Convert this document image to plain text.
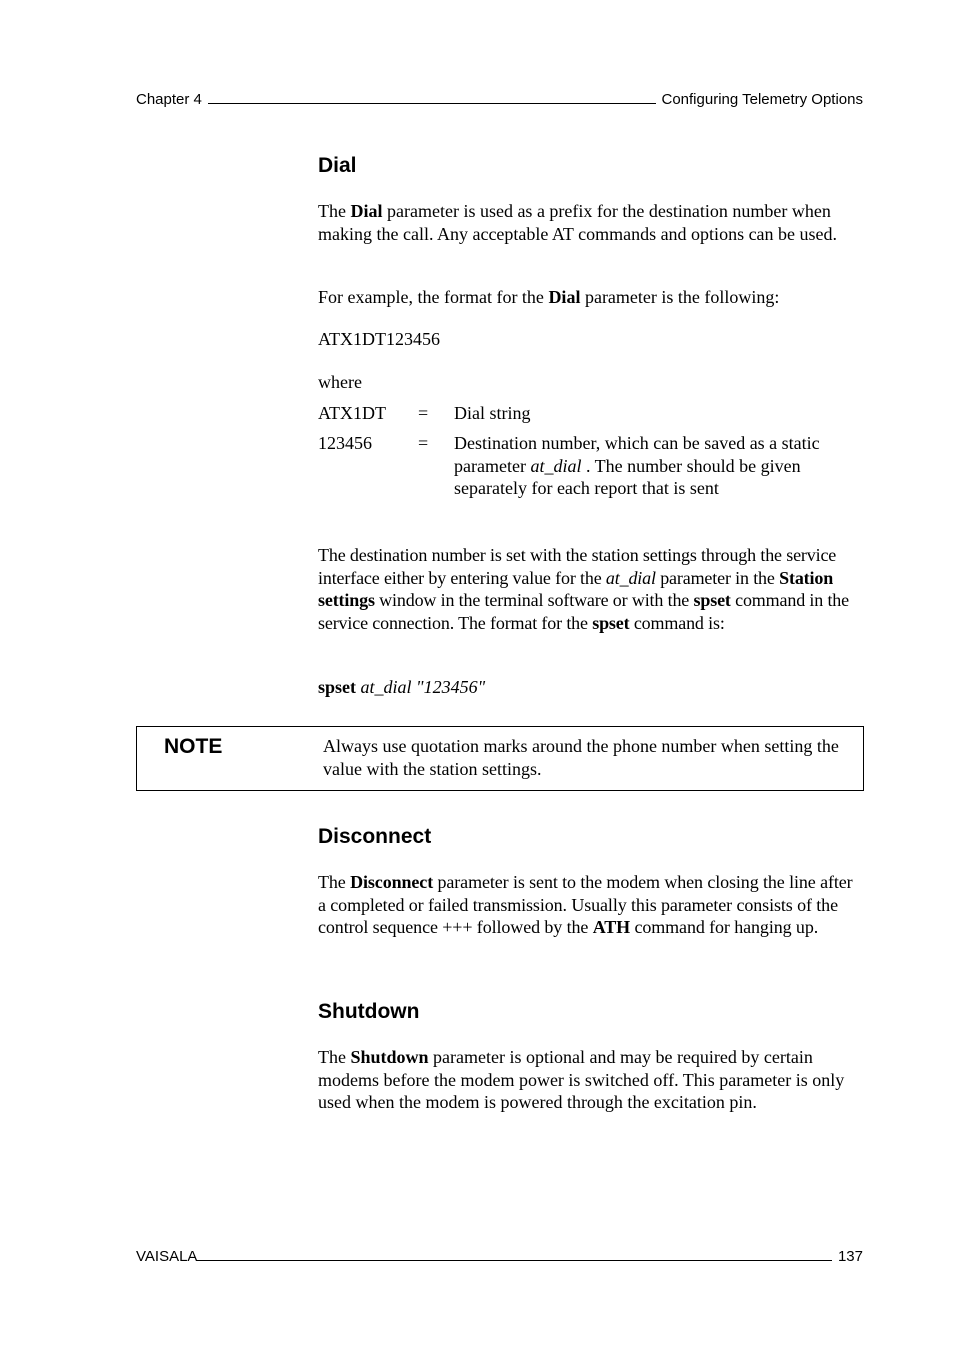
Chapter 4	Configuring Telemetry Options
Dial

The Dial parameter is used as a prefix for the destination number when making the call. Any acceptable AT commands and options can be used.

For example, the format for the Dial parameter is the following:

ATX1DT123456

where

ATX1DT	=	Dial string
123456	=	Destination number, which can be saved as a static parameter at_dial . The number should be given separately for each report that is sent

The destination number is set with the station settings through the service interface either by entering value for the at_dial parameter in the Station settings window in the terminal software or with the spset command in the service connection. The format for the spset command is:

spset at_dial "123456"

NOTE	Always use quotation marks around the phone number when setting the value with the station settings.
Disconnect

The Disconnect parameter is sent to the modem when closing the line after a completed or failed transmission. Usually this parameter consists of the control sequence +++ followed by the ATH command for hanging up.

Shutdown

The Shutdown parameter is optional and may be required by certain modems before the modem power is switched off. This parameter is only used when the modem is powered through the excitation pin.

VAISALA	137
